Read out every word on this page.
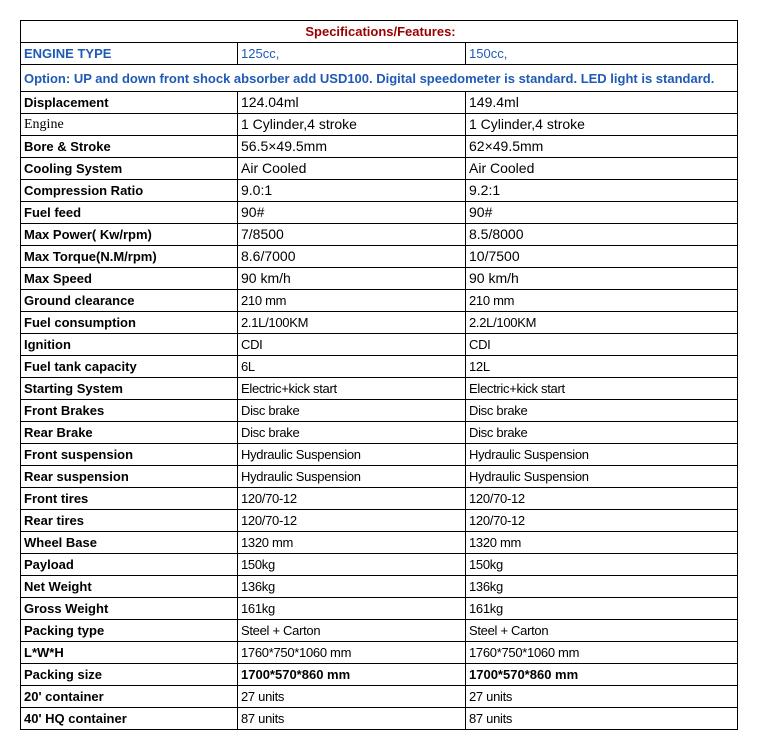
Specifications/Features:		
ENGINE TYPE	125cc,	150cc,
Option: UP and down front shock absorber add USD100. Digital speedometer is standard. LED light is standard.		
Displacement	124.04ml	149.4ml
Engine	1 Cylinder,4 stroke	1 Cylinder,4 stroke
Bore & Stroke	56.5×49.5mm	62×49.5mm
Cooling System	Air Cooled	Air Cooled
Compression Ratio	9.0:1	9.2:1
Fuel feed	90#	90#
Max Power( Kw/rpm)	7/8500	8.5/8000
Max Torque(N.M/rpm)	8.6/7000	10/7500
Max Speed	90 km/h	90 km/h
Ground clearance	210 mm	210 mm
Fuel consumption	2.1L/100KM	2.2L/100KM
Ignition	CDI	CDI
Fuel tank capacity	6L	12L
Starting System	Electric+kick start	Electric+kick start
Front Brakes	Disc brake	Disc brake
Rear Brake	Disc brake	Disc brake
Front suspension	Hydraulic Suspension	Hydraulic Suspension
Rear suspension	Hydraulic Suspension	Hydraulic Suspension
Front tires	120/70-12	120/70-12
Rear tires	120/70-12	120/70-12
Wheel Base	1320 mm	1320 mm
Payload	150kg	150kg
Net Weight	136kg	136kg
Gross Weight	161kg	161kg
Packing type	Steel + Carton	Steel + Carton
L*W*H	1760*750*1060 mm	1760*750*1060 mm
Packing size	1700*570*860 mm	1700*570*860 mm
20' container	27 units	27 units
40' HQ container	87 units	87 units
